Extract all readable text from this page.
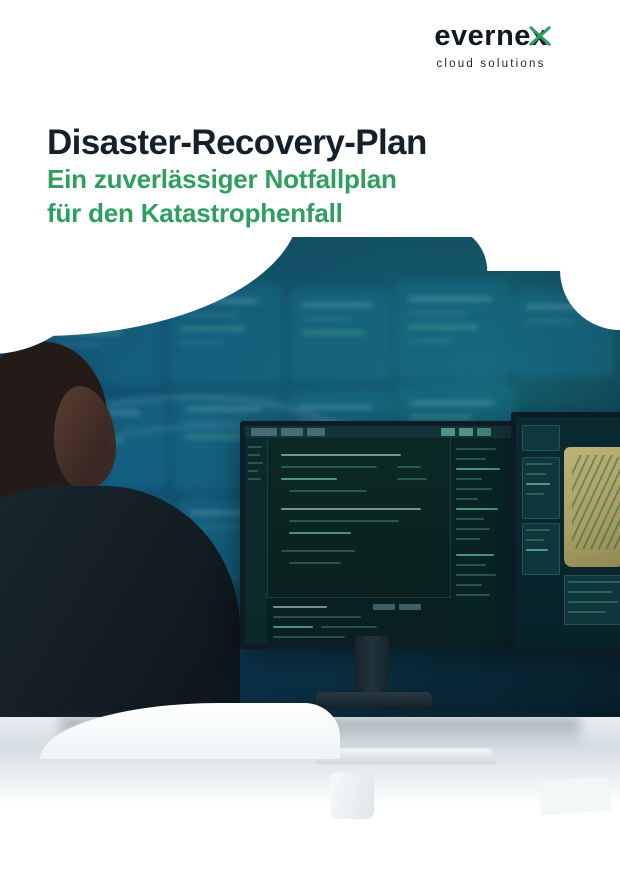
evernex
cloud solutions
Disaster-Recovery-Plan
Ein zuverlässiger Notfallplan
für den Katastrophenfall
